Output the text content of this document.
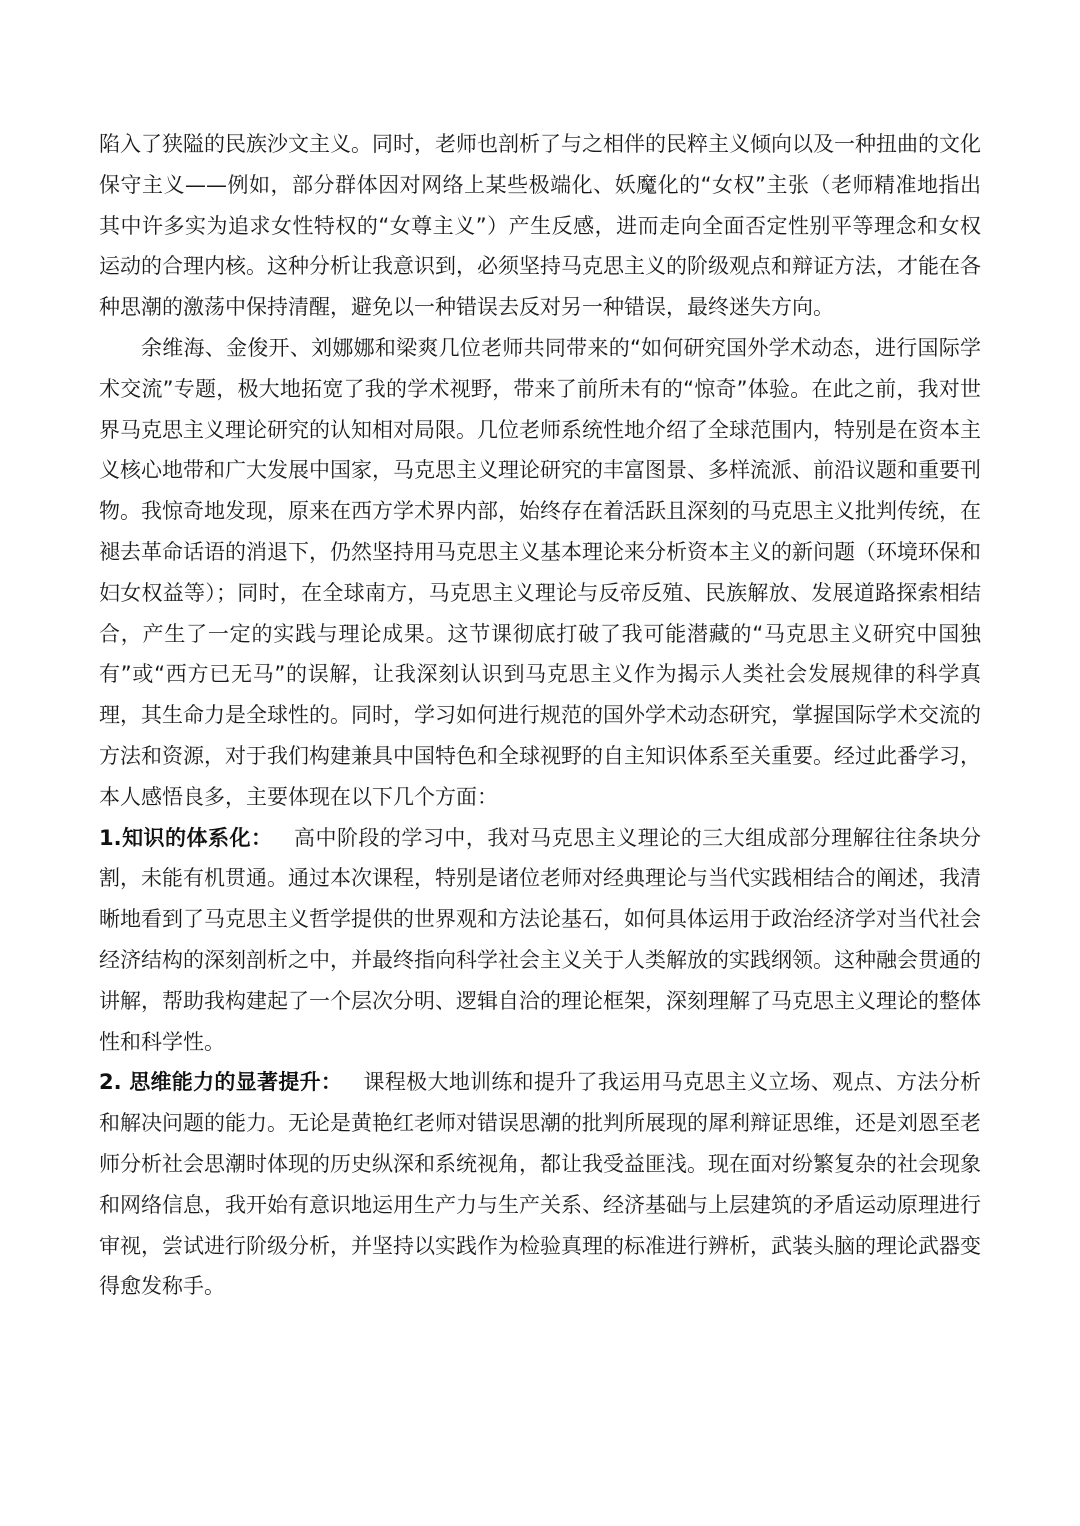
陷入了狭隘的民族沙文主义。同时，老师也剖析了与之相伴的民粹主义倾向以及一种扭曲的文化保守主义——例如，部分群体因对网络上某些极端化、妖魔化的“女权”主张（老师精准地指出其中许多实为追求女性特权的“女尊主义”）产生反感，进而走向全面否定性别平等理念和女权运动的合理内核。这种分析让我意识到，必须坚持马克思主义的阶级观点和辩证方法，才能在各种思潮的激荡中保持清醒，避免以一种错误去反对另一种错误，最终迷失方向。

余维海、金俊开、刘娜娜和梁爽几位老师共同带来的“如何研究国外学术动态，进行国际学术交流”专题，极大地拓宽了我的学术视野，带来了前所未有的“惊奇”体验。在此之前，我对世界马克思主义理论研究的认知相对局限。几位老师系统性地介绍了全球范围内，特别是在资本主义核心地带和广大发展中国家，马克思主义理论研究的丰富图景、多样流派、前沿议题和重要刊物。我惊奇地发现，原来在西方学术界内部，始终存在着活跃且深刻的马克思主义批判传统，在褪去革命话语的消退下，仍然坚持用马克思主义基本理论来分析资本主义的新问题（环境环保和妇女权益等）；同时，在全球南方，马克思主义理论与反帝反殖、民族解放、发展道路探索相结合，产生了一定的实践与理论成果。这节课彻底打破了我可能潜藏的“马克思主义研究中国独有”或“西方已无马”的误解，让我深刻认识到马克思主义作为揭示人类社会发展规律的科学真理，其生命力是全球性的。同时，学习如何进行规范的国外学术动态研究，掌握国际学术交流的方法和资源，对于我们构建兼具中国特色和全球视野的自主知识体系至关重要。经过此番学习，本人感悟良多，主要体现在以下几个方面：

1.知识的体系化： 高中阶段的学习中，我对马克思主义理论的三大组成部分理解往往条块分割，未能有机贯通。通过本次课程，特别是诸位老师对经典理论与当代实践相结合的阐述，我清晰地看到了马克思主义哲学提供的世界观和方法论基石，如何具体运用于政治经济学对当代社会经济结构的深刻剖析之中，并最终指向科学社会主义关于人类解放的实践纲领。这种融会贯通的讲解，帮助我构建起了一个层次分明、逻辑自洽的理论框架，深刻理解了马克思主义理论的整体性和科学性。

2. 思维能力的显著提升： 课程极大地训练和提升了我运用马克思主义立场、观点、方法分析和解决问题的能力。无论是黄艳红老师对错误思潮的批判所展现的犀利辩证思维，还是刘恩至老师分析社会思潮时体现的历史纵深和系统视角，都让我受益匪浅。现在面对纷繁复杂的社会现象和网络信息，我开始有意识地运用生产力与生产关系、经济基础与上层建筑的矛盾运动原理进行审视，尝试进行阶级分析，并坚持以实践作为检验真理的标准进行辨析，武装头脑的理论武器变得愈发称手。
